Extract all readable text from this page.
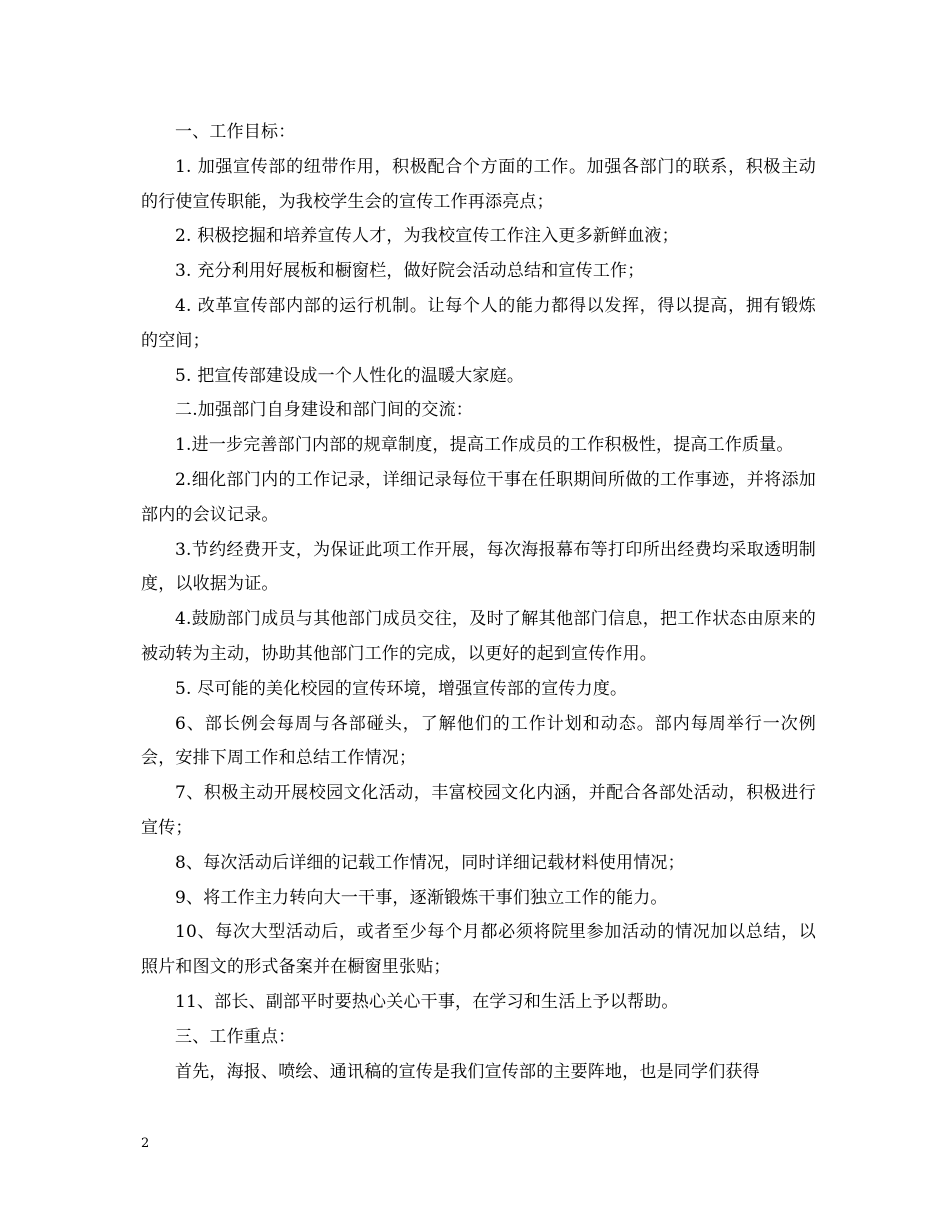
一、工作目标：

1. 加强宣传部的纽带作用，积极配合个方面的工作。加强各部门的联系，积极主动的行使宣传职能，为我校学生会的宣传工作再添亮点；

2. 积极挖掘和培养宣传人才，为我校宣传工作注入更多新鲜血液；

3. 充分利用好展板和橱窗栏，做好院会活动总结和宣传工作；

4. 改革宣传部内部的运行机制。让每个人的能力都得以发挥，得以提高，拥有锻炼的空间；

5. 把宣传部建设成一个人性化的温暖大家庭。

二.加强部门自身建设和部门间的交流：

1.进一步完善部门内部的规章制度，提高工作成员的工作积极性，提高工作质量。

2.细化部门内的工作记录，详细记录每位干事在任职期间所做的工作事迹，并将添加部内的会议记录。

3.节约经费开支，为保证此项工作开展，每次海报幕布等打印所出经费均采取透明制度，以收据为证。

4.鼓励部门成员与其他部门成员交往，及时了解其他部门信息，把工作状态由原来的被动转为主动，协助其他部门工作的完成，以更好的起到宣传作用。

5. 尽可能的美化校园的宣传环境，增强宣传部的宣传力度。

6、部长例会每周与各部碰头，了解他们的工作计划和动态。部内每周举行一次例会，安排下周工作和总结工作情况；

7、积极主动开展校园文化活动，丰富校园文化内涵，并配合各部处活动，积极进行宣传；

8、每次活动后详细的记载工作情况，同时详细记载材料使用情况；

9、将工作主力转向大一干事，逐渐锻炼干事们独立工作的能力。

10、每次大型活动后，或者至少每个月都必须将院里参加活动的情况加以总结，以照片和图文的形式备案并在橱窗里张贴；

11、部长、副部平时要热心关心干事，在学习和生活上予以帮助。

三、工作重点：

首先，海报、喷绘、通讯稿的宣传是我们宣传部的主要阵地，也是同学们获得

2
